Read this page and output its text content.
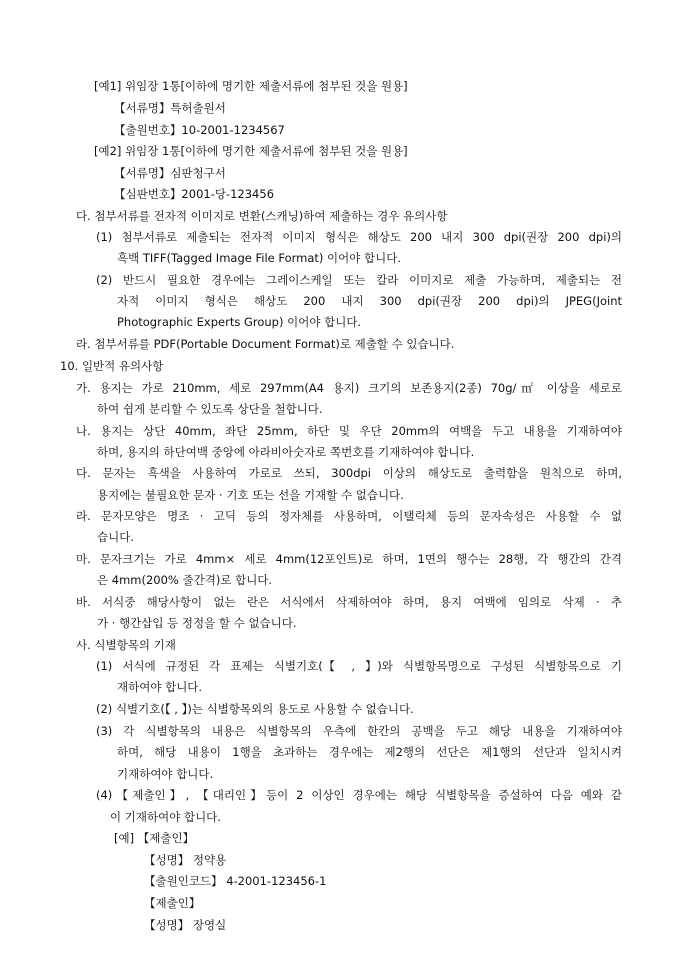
[예1] 위임장 1통[이하에 명기한 제출서류에 첨부된 것을 원용]
【서류명】특허출원서
【출원번호】10-2001-1234567
[예2] 위임장 1통[이하에 명기한 제출서류에 첨부된 것을 원용]
【서류명】심판청구서
【심판번호】2001-당-123456
다. 첨부서류를 전자적 이미지로 변환(스캐닝)하여 제출하는 경우 유의사항
(1) 첨부서류로 제출되는 전자적 이미지 형식은 해상도 200 내지 300 dpi(권장 200 dpi)의
흑백 TIFF(Tagged Image File Format) 이어야 합니다.
(2) 반드시 필요한 경우에는 그레이스케일 또는 칼라 이미지로 제출 가능하며, 제출되는 전
자적 이미지 형식은 해상도 200 내지 300 dpi(권장 200 dpi)의 JPEG(Joint
Photographic Experts Group) 이어야 합니다.
라. 첨부서류를 PDF(Portable Document Format)로 제출할 수 있습니다.
10. 일반적 유의사항
가. 용지는 가로 210mm, 세로 297mm(A4 용지) 크기의 보존용지(2종) 70g/㎡ 이상을 세로로
하여 쉽게 분리할 수 있도록 상단을 철합니다.
나. 용지는 상단 40mm, 좌단 25mm, 하단 및 우단 20mm의 여백을 두고 내용을 기재하여야
하며, 용지의 하단여백 중앙에 아라비아숫자로 쪽번호를 기재하여야 합니다.
다. 문자는 흑색을 사용하여 가로로 쓰되, 300dpi 이상의 해상도로 출력함을 원칙으로 하며,
용지에는 불필요한 문자 · 기호 또는 선을 기재할 수 없습니다.
라. 문자모양은 명조 · 고딕 등의 정자체를 사용하며, 이탤릭체 등의 문자속성은 사용할 수 없
습니다.
마. 문자크기는 가로 4mm× 세로 4mm(12포인트)로 하며, 1면의 행수는 28행, 각 행간의 간격
은 4mm(200% 줄간격)로 합니다.
바. 서식중 해당사항이 없는 란은 서식에서 삭제하여야 하며, 용지 여백에 임의로 삭제 · 추
가 · 행간삽입 등 정정을 할 수 없습니다.
사. 식별항목의 기재
(1) 서식에 규정된 각 표제는 식별기호(【 , 】)와 식별항목명으로 구성된 식별항목으로 기
재하여야 합니다.
(2) 식별기호(【 , 】)는 식별항목외의 용도로 사용할 수 없습니다.
(3) 각 식별항목의 내용은 식별항목의 우측에 한칸의 공백을 두고 해당 내용을 기재하여야
하며, 해당 내용이 1행을 초과하는 경우에는 제2행의 선단은 제1행의 선단과 일치시켜
기재하여야 합니다.
(4)【제출인】, 【대리인】등이 2 이상인 경우에는 해당 식별항목을 증설하여 다음 예와 같
이 기재하여야 합니다.
[예] 【제출인】
【성명】 정약용
【출원인코드】 4-2001-123456-1
【제출인】
【성명】 장영실
